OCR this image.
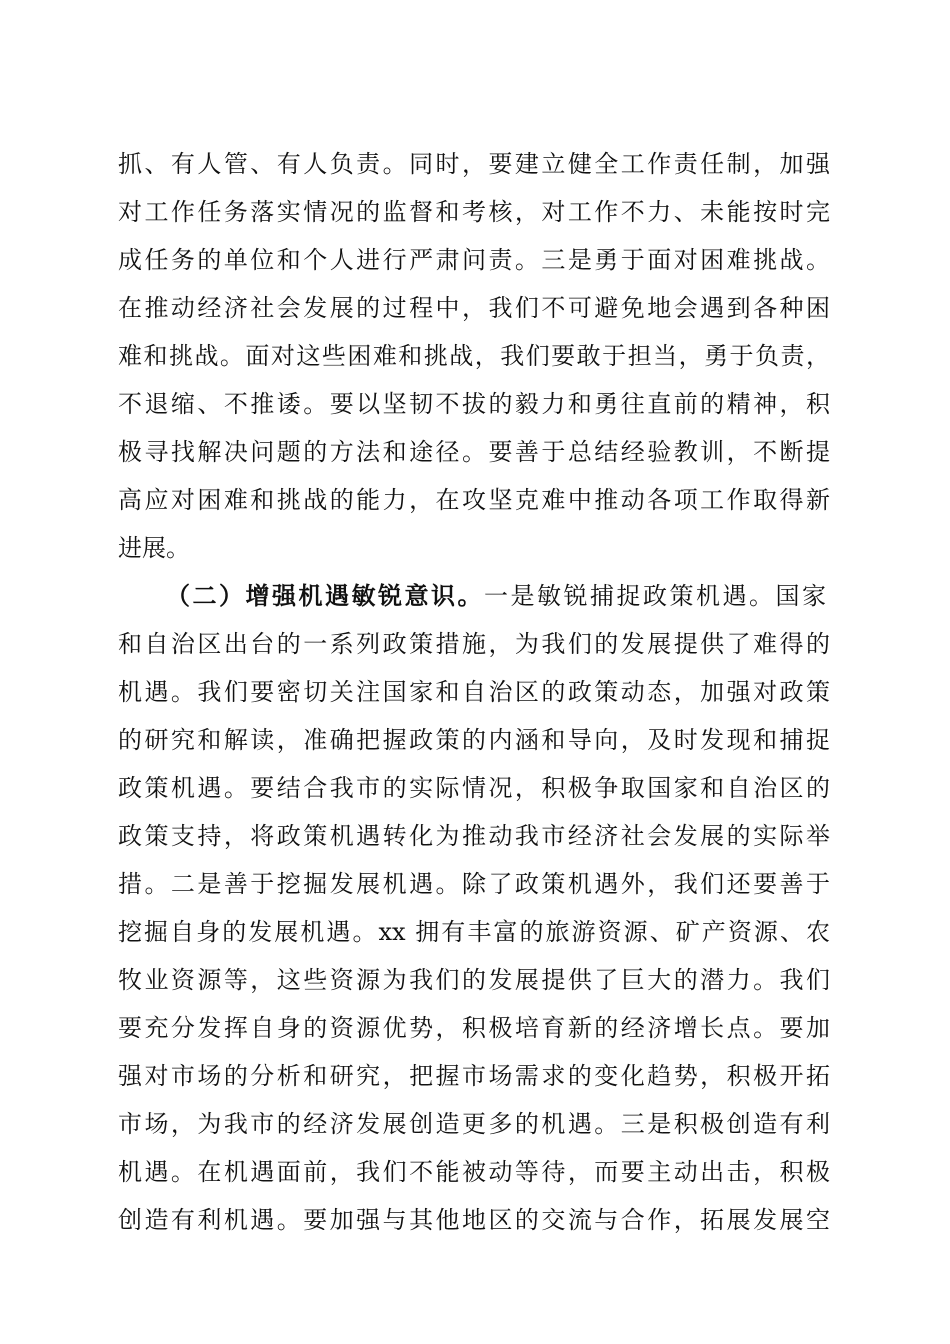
抓、有人管、有人负责。同时，要建立健全工作责任制，加强
对工作任务落实情况的监督和考核，对工作不力、未能按时完
成任务的单位和个人进行严肃问责。三是勇于面对困难挑战。
在推动经济社会发展的过程中，我们不可避免地会遇到各种困
难和挑战。面对这些困难和挑战，我们要敢于担当，勇于负责，
不退缩、不推诿。要以坚韧不拔的毅力和勇往直前的精神，积
极寻找解决问题的方法和途径。要善于总结经验教训，不断提
高应对困难和挑战的能力，在攻坚克难中推动各项工作取得新
进展。
（二）增强机遇敏锐意识。一是敏锐捕捉政策机遇。国家
和自治区出台的一系列政策措施，为我们的发展提供了难得的
机遇。我们要密切关注国家和自治区的政策动态，加强对政策
的研究和解读，准确把握政策的内涵和导向，及时发现和捕捉
政策机遇。要结合我市的实际情况，积极争取国家和自治区的
政策支持，将政策机遇转化为推动我市经济社会发展的实际举
措。二是善于挖掘发展机遇。除了政策机遇外，我们还要善于
挖掘自身的发展机遇。xx 拥有丰富的旅游资源、矿产资源、农
牧业资源等，这些资源为我们的发展提供了巨大的潜力。我们
要充分发挥自身的资源优势，积极培育新的经济增长点。要加
强对市场的分析和研究，把握市场需求的变化趋势，积极开拓
市场，为我市的经济发展创造更多的机遇。三是积极创造有利
机遇。在机遇面前，我们不能被动等待，而要主动出击，积极
创造有利机遇。要加强与其他地区的交流与合作，拓展发展空
